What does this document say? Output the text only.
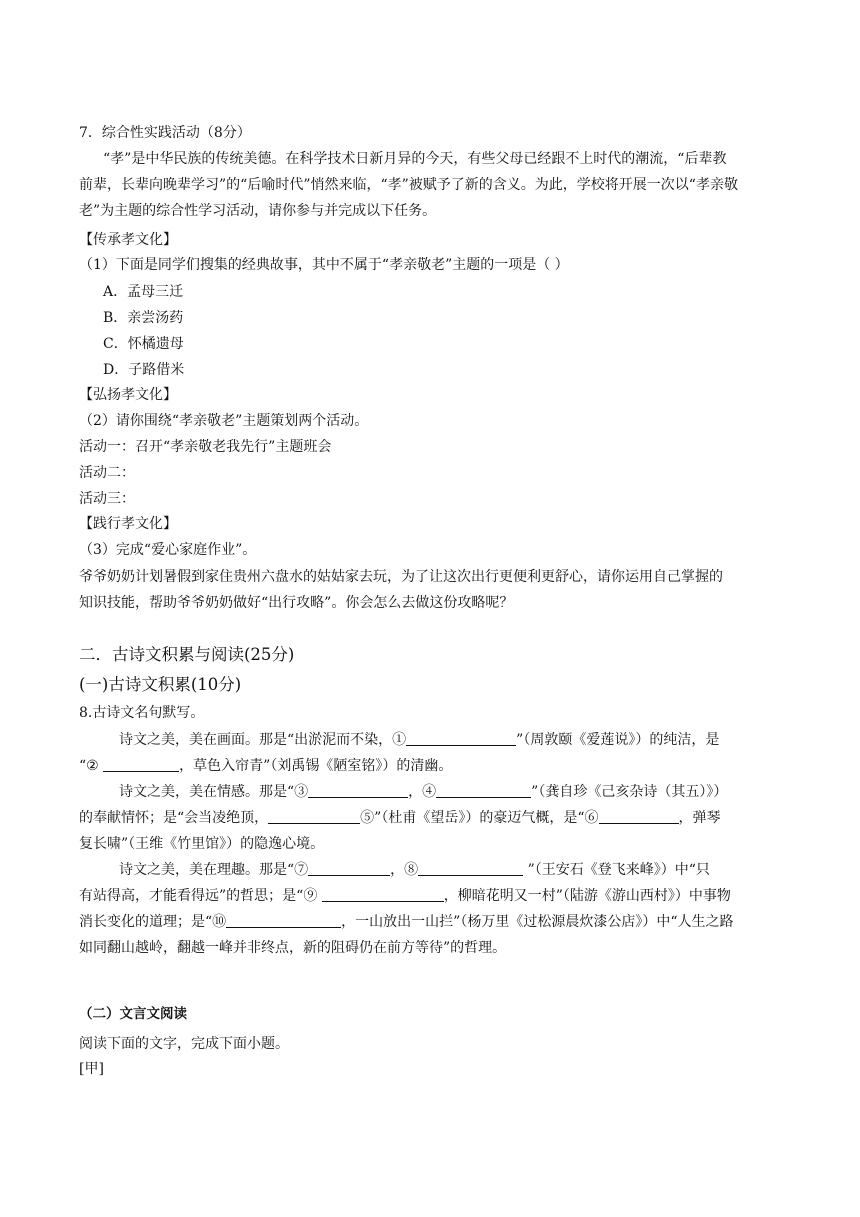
7．综合性实践活动（8分）
“孝”是中华民族的传统美德。在科学技术日新月异的今天，有些父母已经跟不上时代的潮流，“后辈教
前辈，长辈向晚辈学习”的“后喻时代”悄然来临，“孝”被赋予了新的含义。为此，学校将开展一次以“孝亲敬
老”为主题的综合性学习活动，请你参与并完成以下任务。
【传承孝文化】
（1）下面是同学们搜集的经典故事，其中不属于“孝亲敬老”主题的一项是（ ）
A．孟母三迁
B．亲尝汤药
C．怀橘遗母
D．子路借米
【弘扬孝文化】
（2）请你围绕“孝亲敬老”主题策划两个活动。
活动一：召开“孝亲敬老我先行”主题班会
活动二：
活动三：
【践行孝文化】
（3）完成“爱心家庭作业”。
爷爷奶奶计划暑假到家住贵州六盘水的姑姑家去玩，为了让这次出行更便利更舒心，请你运用自己掌握的
知识技能，帮助爷爷奶奶做好“出行攻略”。你会怎么去做这份攻略呢？
二．古诗文积累与阅读(25分)
(一)古诗文积累(10分)
8.古诗文名句默写。
诗文之美，美在画面。那是“出淤泥而不染，①	”（周敦颐《爱莲说》）的纯洁，是
“②	，草色入帘青”（刘禹锡《陋室铭》）的清幽。
诗文之美，美在情感。那是“③	，④	”（龚自珍《己亥杂诗（其五）》）
的奉献情怀；是“会当凌绝顶，	⑤”（杜甫《望岳》）的豪迈气概，是“⑥	，弹琴
复长啸”（王维《竹里馆》）的隐逸心境。
诗文之美，美在理趣。那是“⑦	，⑧	”（王安石《登飞来峰》）中“只
有站得高，才能看得远”的哲思；是“⑨	，柳暗花明又一村”（陆游《游山西村》）中事物
消长变化的道理；是“⑩	，一山放出一山拦”（杨万里《过松源晨炊漆公店》）中“人生之路
如同翻山越岭，翻越一峰并非终点，新的阻碍仍在前方等待”的哲理。
（二）文言文阅读
阅读下面的文字，完成下面小题。
[甲]
